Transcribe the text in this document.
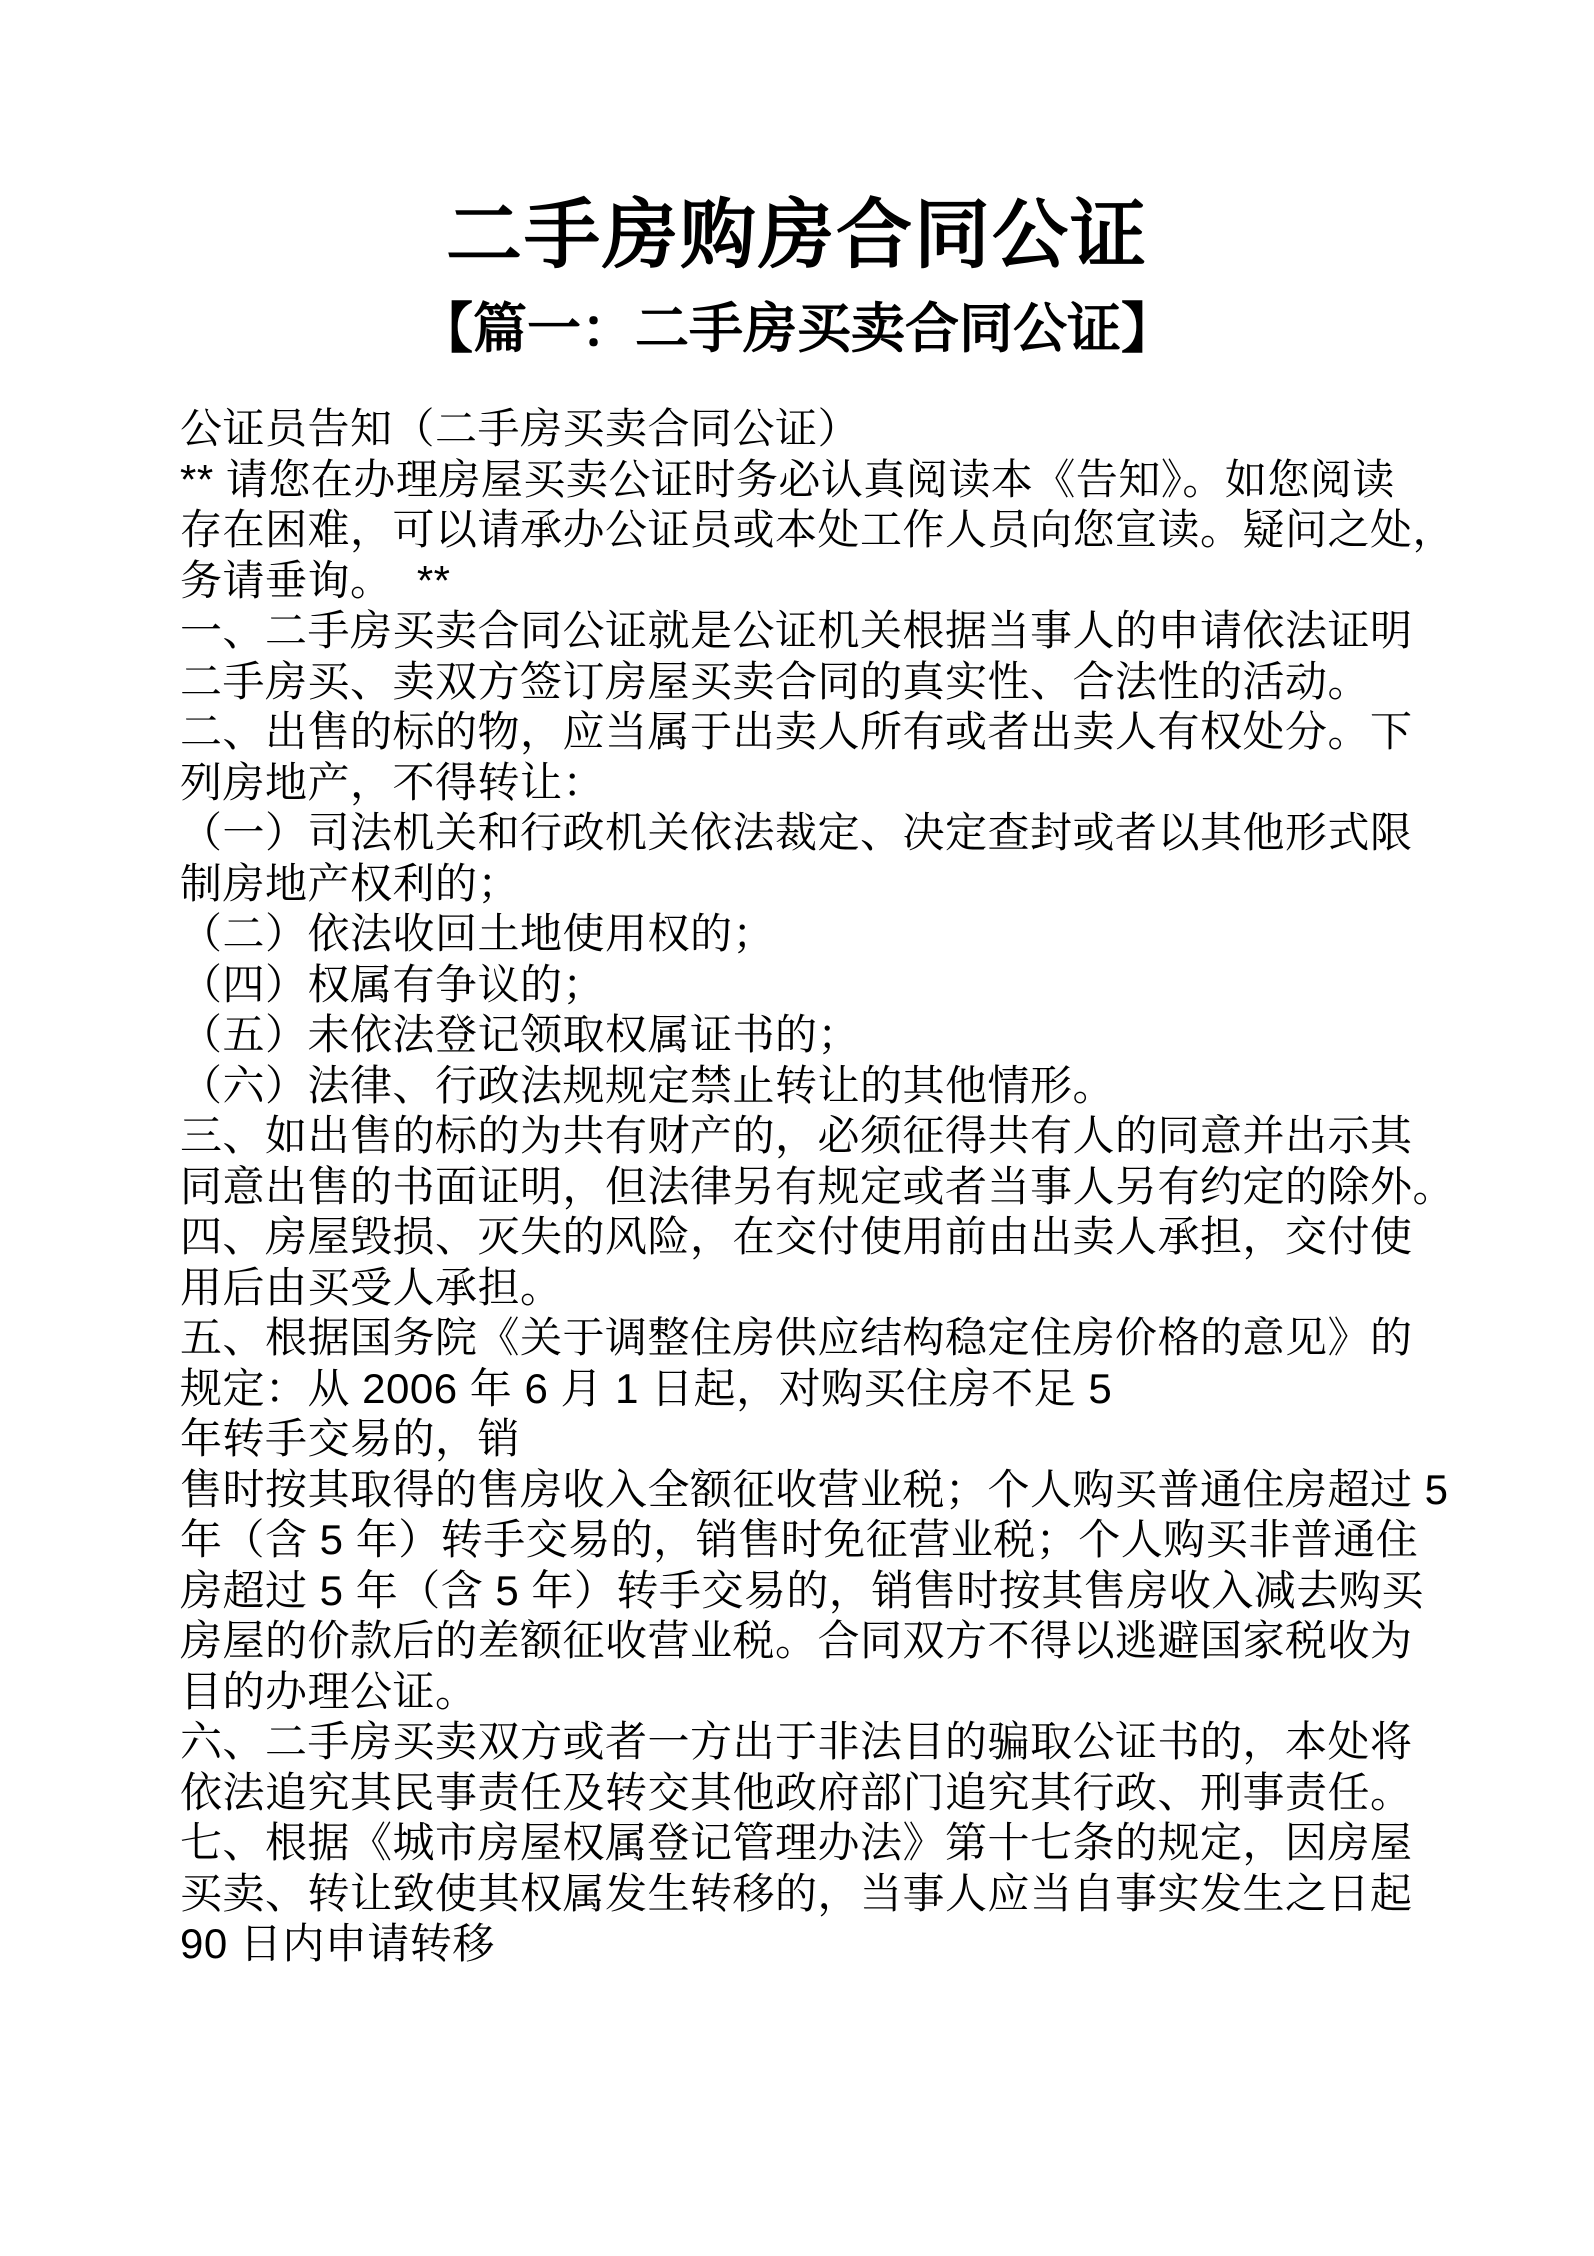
二手房购房合同公证
【篇一：二手房买卖合同公证】

公证员告知（二手房买卖合同公证）

** 请您在办理房屋买卖公证时务必认真阅读本《告知》。如您阅读

存在困难，可以请承办公证员或本处工作人员向您宣读。疑问之处，

务请垂询。  **

一、二手房买卖合同公证就是公证机关根据当事人的申请依法证明

二手房买、卖双方签订房屋买卖合同的真实性、合法性的活动。

二、出售的标的物，应当属于出卖人所有或者出卖人有权处分。下

列房地产，不得转让：

（一）司法机关和行政机关依法裁定、决定查封或者以其他形式限

制房地产权利的；

（二）依法收回土地使用权的；

（四）权属有争议的；

（五）未依法登记领取权属证书的；

（六）法律、行政法规规定禁止转让的其他情形。

三、如出售的标的为共有财产的，必须征得共有人的同意并出示其

同意出售的书面证明，但法律另有规定或者当事人另有约定的除外。

四、房屋毁损、灭失的风险，在交付使用前由出卖人承担，交付使

用后由买受人承担。

五、根据国务院《关于调整住房供应结构稳定住房价格的意见》的

规定：从 2006 年 6 月 1 日起，对购买住房不足 5

年转手交易的，销

售时按其取得的售房收入全额征收营业税；个人购买普通住房超过 5

年（含 5 年）转手交易的，销售时免征营业税；个人购买非普通住

房超过 5 年（含 5 年）转手交易的，销售时按其售房收入减去购买

房屋的价款后的差额征收营业税。合同双方不得以逃避国家税收为

目的办理公证。

六、二手房买卖双方或者一方出于非法目的骗取公证书的，本处将

依法追究其民事责任及转交其他政府部门追究其行政、刑事责任。

七、根据《城市房屋权属登记管理办法》第十七条的规定，因房屋

买卖、转让致使其权属发生转移的，当事人应当自事实发生之日起

90 日内申请转移
